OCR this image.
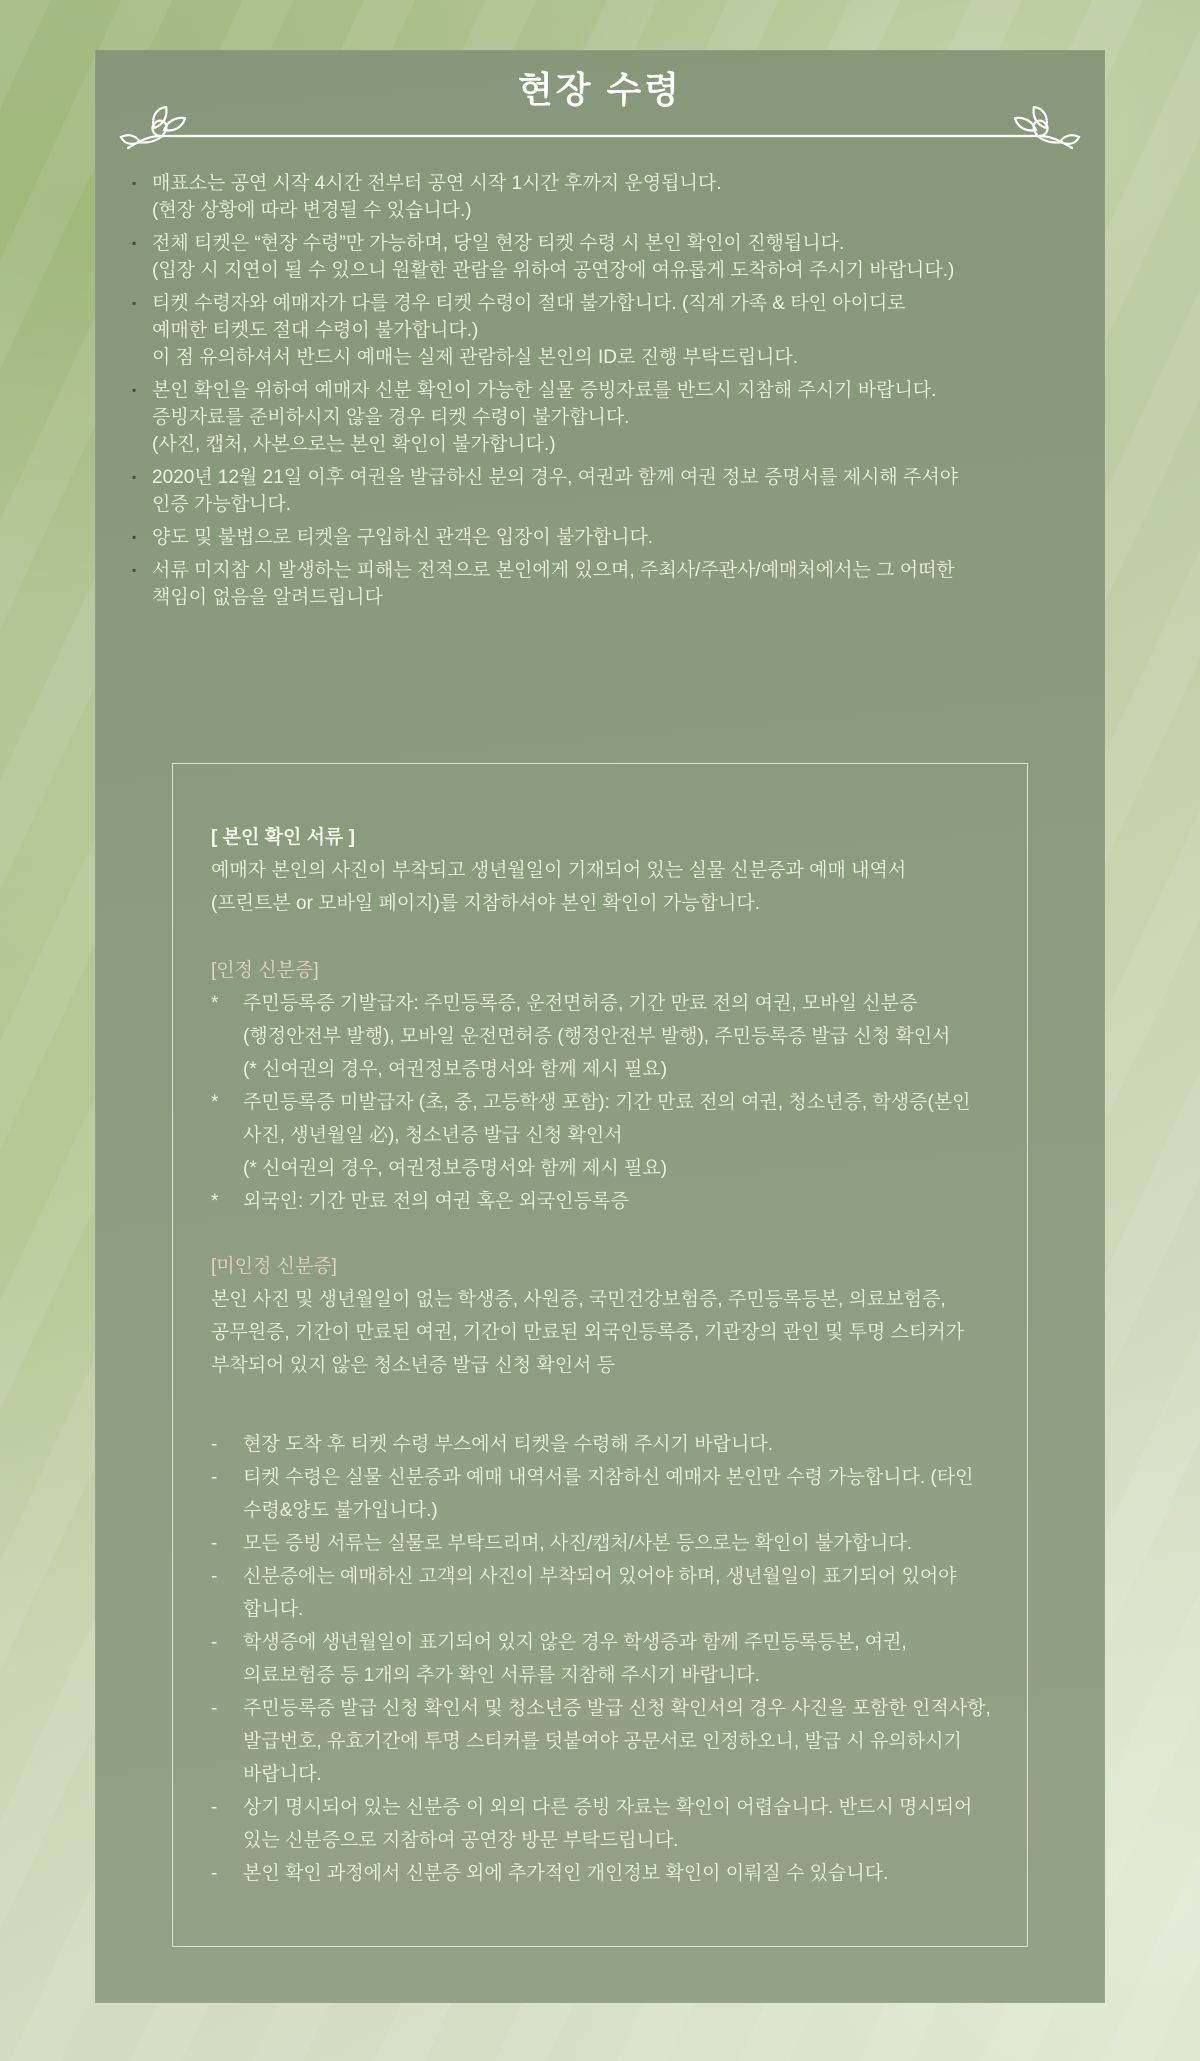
현장 수령
▪ 매표소는 공연 시작 4시간 전부터 공연 시작 1시간 후까지 운영됩니다.
(현장 상황에 따라 변경될 수 있습니다.)
▪ 전체 티켓은 “현장 수령”만 가능하며, 당일 현장 티켓 수령 시 본인 확인이 진행됩니다.
(입장 시 지연이 될 수 있으니 원활한 관람을 위하여 공연장에 여유롭게 도착하여 주시기 바랍니다.)
▪ 티켓 수령자와 예매자가 다를 경우 티켓 수령이 절대 불가합니다. (직계 가족 & 타인 아이디로
예매한 티켓도 절대 수령이 불가합니다.)
이 점 유의하셔서 반드시 예매는 실제 관람하실 본인의 ID로 진행 부탁드립니다.
▪ 본인 확인을 위하여 예매자 신분 확인이 가능한 실물 증빙자료를 반드시 지참해 주시기 바랍니다.
증빙자료를 준비하시지 않을 경우 티켓 수령이 불가합니다.
(사진, 캡처, 사본으로는 본인 확인이 불가합니다.)
▪ 2020년 12월 21일 이후 여권을 발급하신 분의 경우, 여권과 함께 여권 정보 증명서를 제시해 주셔야
인증 가능합니다.
▪ 양도 및 불법으로 티켓을 구입하신 관객은 입장이 불가합니다.
▪ 서류 미지참 시 발생하는 피해는 전적으로 본인에게 있으며, 주최사/주관사/예매처에서는 그 어떠한
책임이 없음을 알려드립니다
[ 본인 확인 서류 ]
예매자 본인의 사진이 부착되고 생년월일이 기재되어 있는 실물 신분증과 예매 내역서
(프린트본 or 모바일 페이지)를 지참하셔야 본인 확인이 가능합니다.
[인정 신분증]
*	주민등록증 기발급자: 주민등록증, 운전면허증, 기간 만료 전의 여권, 모바일 신분증
(행정안전부 발행), 모바일 운전면허증 (행정안전부 발행), 주민등록증 발급 신청 확인서
(* 신여권의 경우, 여권정보증명서와 함께 제시 필요)
*	주민등록증 미발급자 (초, 중, 고등학생 포함): 기간 만료 전의 여권, 청소년증, 학생증(본인
사진, 생년월일 必), 청소년증 발급 신청 확인서
(* 신여권의 경우, 여권정보증명서와 함께 제시 필요)
*	외국인: 기간 만료 전의 여권 혹은 외국인등록증
[미인정 신분증]
본인 사진 및 생년월일이 없는 학생증, 사원증, 국민건강보험증, 주민등록등본, 의료보험증,
공무원증, 기간이 만료된 여권, 기간이 만료된 외국인등록증, 기관장의 관인 및 투명 스티커가
부착되어 있지 않은 청소년증 발급 신청 확인서 등
-	현장 도착 후 티켓 수령 부스에서 티켓을 수령해 주시기 바랍니다.
-	티켓 수령은 실물 신분증과 예매 내역서를 지참하신 예매자 본인만 수령 가능합니다. (타인
수령&양도 불가입니다.)
-	모든 증빙 서류는 실물로 부탁드리며, 사진/캡처/사본 등으로는 확인이 불가합니다.
-	신분증에는 예매하신 고객의 사진이 부착되어 있어야 하며, 생년월일이 표기되어 있어야
합니다.
-	학생증에 생년월일이 표기되어 있지 않은 경우 학생증과 함께 주민등록등본, 여권,
의료보험증 등 1개의 추가 확인 서류를 지참해 주시기 바랍니다.
-	주민등록증 발급 신청 확인서 및 청소년증 발급 신청 확인서의 경우 사진을 포함한 인적사항,
발급번호, 유효기간에 투명 스티커를 덧붙여야 공문서로 인정하오니, 발급 시 유의하시기
바랍니다.
-	상기 명시되어 있는 신분증 이 외의 다른 증빙 자료는 확인이 어렵습니다. 반드시 명시되어
있는 신분증으로 지참하여 공연장 방문 부탁드립니다.
-	본인 확인 과정에서 신분증 외에 추가적인 개인정보 확인이 이뤄질 수 있습니다.
